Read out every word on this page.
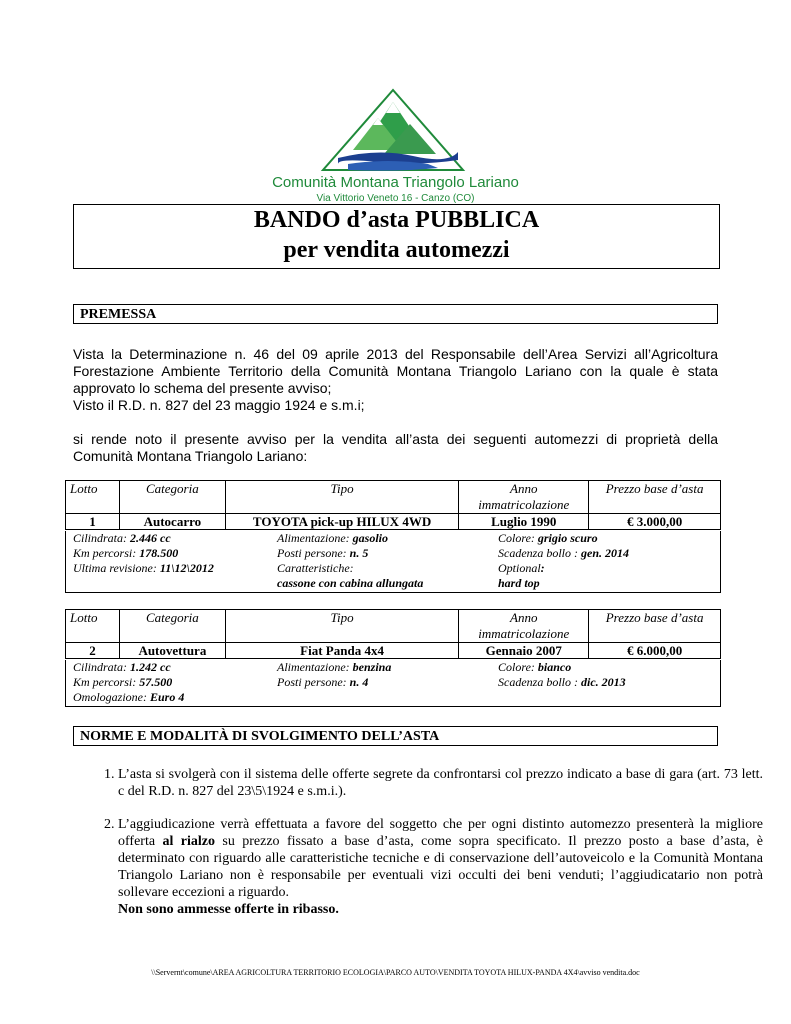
Comunità Montana Triangolo Lariano
Via Vittorio Veneto 16 - Canzo (CO)
BANDO d’asta PUBBLICA
per vendita automezzi
PREMESSA
Vista la Determinazione n. 46 del 09 aprile 2013 del Responsabile dell’Area Servizi all’Agricoltura Forestazione Ambiente Territorio della Comunità Montana Triangolo Lariano con la quale è stata approvato lo schema del presente avviso;
Visto il R.D. n. 827 del 23 maggio 1924 e s.m.i;
si rende noto il presente avviso per la vendita all’asta dei seguenti automezzi di proprietà della Comunità Montana Triangolo Lariano:
Lotto	Categoria	Tipo	Anno immatricolazione	Prezzo base d’asta
1	Autocarro	TOYOTA pick-up HILUX 4WD	Luglio 1990	€ 3.000,00
Cilindrata: 2.446 cc
Km percorsi: 178.500
Ultima revisione: 11\12\2012
Alimentazione: gasolio
Posti persone: n. 5
Caratteristiche:
cassone con cabina allungata
Colore: grigio scuro
Scadenza bollo : gen. 2014
Optional:
hard top
Lotto	Categoria	Tipo	Anno immatricolazione	Prezzo base d’asta
2	Autovettura	Fiat Panda 4x4	Gennaio 2007	€ 6.000,00
Cilindrata: 1.242 cc
Km percorsi: 57.500
Omologazione: Euro 4
Alimentazione: benzina
Posti persone: n. 4
Colore: bianco
Scadenza bollo : dic. 2013
NORME E MODALITÀ DI SVOLGIMENTO DELL’ASTA
1. L’asta si svolgerà con il sistema delle offerte segrete da confrontarsi col prezzo indicato a base di gara (art. 73 lett. c del R.D. n. 827 del 23\5\1924 e s.m.i.).
2. L’aggiudicazione verrà effettuata a favore del soggetto che per ogni distinto automezzo presenterà la migliore offerta al rialzo su prezzo fissato a base d’asta, come sopra specificato. Il prezzo posto a base d’asta, è determinato con riguardo alle caratteristiche tecniche e di conservazione dell’autoveicolo e la Comunità Montana Triangolo Lariano non è responsabile per eventuali vizi occulti dei beni venduti; l’aggiudicatario non potrà sollevare eccezioni a riguardo.
Non sono ammesse offerte in ribasso.
\\Servernt\comune\AREA AGRICOLTURA TERRITORIO ECOLOGIA\PARCO AUTO\VENDITA TOYOTA HILUX-PANDA 4X4\avviso vendita.doc
